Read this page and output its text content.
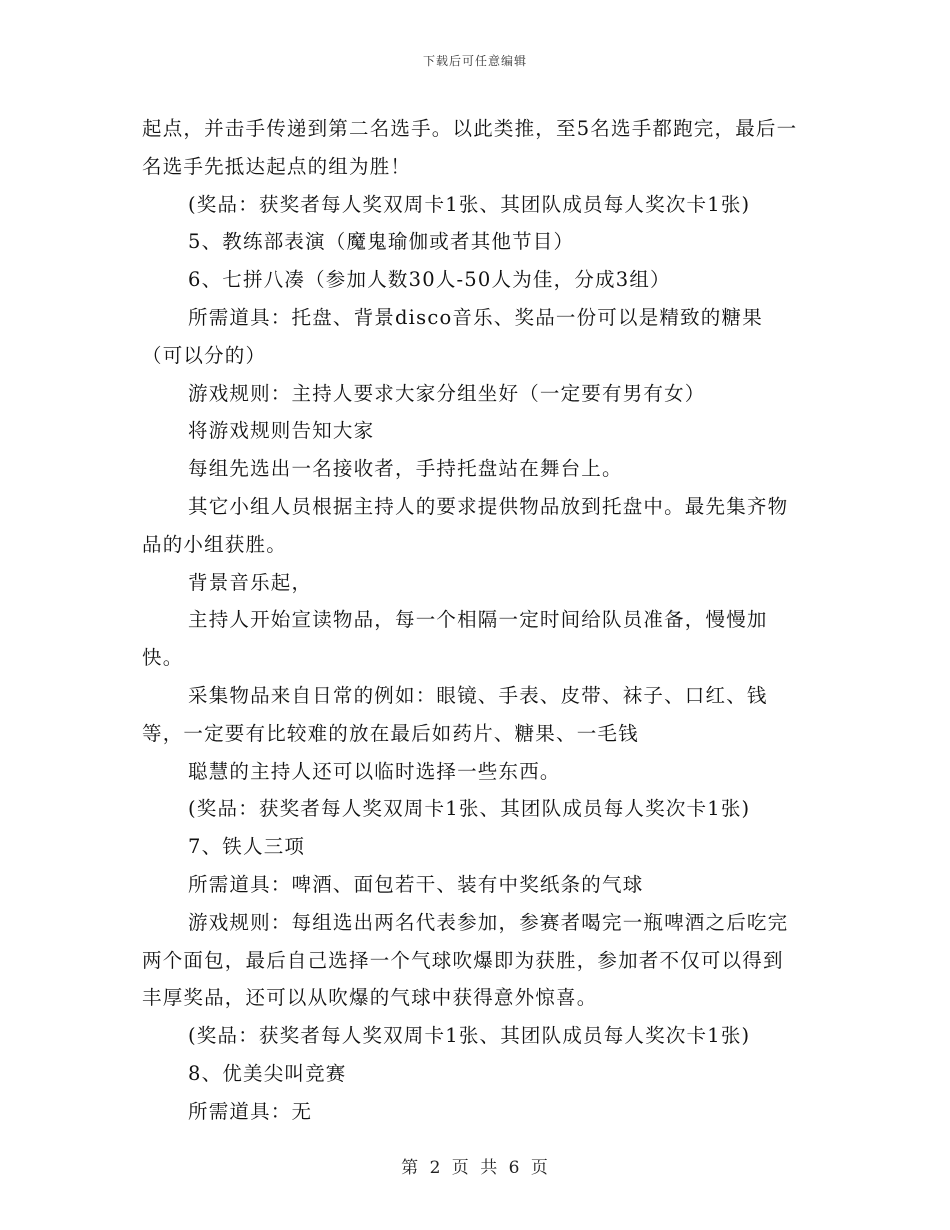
下载后可任意编辑

起点，并击手传递到第二名选手。以此类推，至5名选手都跑完，最后一名选手先抵达起点的组为胜！

(奖品：获奖者每人奖双周卡1张、其团队成员每人奖次卡1张)

5、教练部表演（魔鬼瑜伽或者其他节目）

6、七拼八凑（参加人数30人-50人为佳，分成3组）

所需道具：托盘、背景disco音乐、奖品一份可以是精致的糖果（可以分的）

游戏规则：主持人要求大家分组坐好（一定要有男有女）

将游戏规则告知大家

每组先选出一名接收者，手持托盘站在舞台上。

其它小组人员根据主持人的要求提供物品放到托盘中。最先集齐物品的小组获胜。

背景音乐起，

主持人开始宣读物品，每一个相隔一定时间给队员准备，慢慢加快。

采集物品来自日常的例如：眼镜、手表、皮带、袜子、口红、钱等，一定要有比较难的放在最后如药片、糖果、一毛钱

聪慧的主持人还可以临时选择一些东西。

(奖品：获奖者每人奖双周卡1张、其团队成员每人奖次卡1张)

7、铁人三项

所需道具：啤酒、面包若干、装有中奖纸条的气球

游戏规则：每组选出两名代表参加，参赛者喝完一瓶啤酒之后吃完两个面包，最后自己选择一个气球吹爆即为获胜，参加者不仅可以得到丰厚奖品，还可以从吹爆的气球中获得意外惊喜。

(奖品：获奖者每人奖双周卡1张、其团队成员每人奖次卡1张)

8、优美尖叫竞赛

所需道具：无

第 2 页 共 6 页
